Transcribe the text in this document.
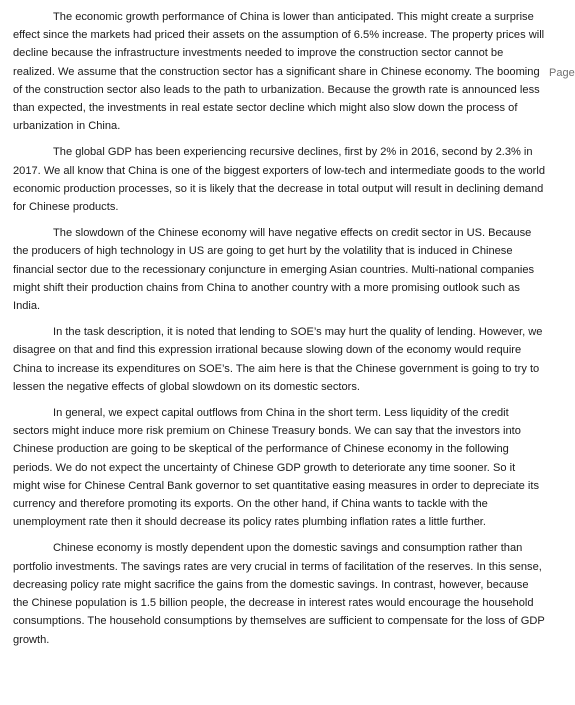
The economic growth performance of China is lower than anticipated. This might create a surprise effect since the markets had priced their assets on the assumption of 6.5% increase. The property prices will decline because the infrastructure investments needed to improve the construction sector cannot be realized. We assume that the construction sector has a significant share in Chinese economy. The booming of the construction sector also leads to the path to urbanization. Because the growth rate is announced less than expected, the investments in real estate sector decline which might also slow down the process of urbanization in China.

The global GDP has been experiencing recursive declines, first by 2% in 2016, second by 2.3% in 2017. We all know that China is one of the biggest exporters of low-tech and intermediate goods to the world economic production processes, so it is likely that the decrease in total output will result in declining demand for Chinese products.

The slowdown of the Chinese economy will have negative effects on credit sector in US. Because the producers of high technology in US are going to get hurt by the volatility that is induced in Chinese financial sector due to the recessionary conjuncture in emerging Asian countries. Multi-national companies might shift their production chains from China to another country with a more promising outlook such as India.

In the task description, it is noted that lending to SOE’s may hurt the quality of lending. However, we disagree on that and find this expression irrational because slowing down of the economy would require China to increase its expenditures on SOE’s. The aim here is that the Chinese government is going to try to lessen the negative effects of global slowdown on its domestic sectors.

In general, we expect capital outflows from China in the short term. Less liquidity of the credit sectors might induce more risk premium on Chinese Treasury bonds. We can say that the investors into Chinese production are going to be skeptical of the performance of Chinese economy in the following periods. We do not expect the uncertainty of Chinese GDP growth to deteriorate any time sooner. So it might wise for Chinese Central Bank governor to set quantitative easing measures in order to depreciate its currency and therefore promoting its exports. On the other hand, if China wants to tackle with the unemployment rate then it should decrease its policy rates plumbing inflation rates a little further.

Chinese economy is mostly dependent upon the domestic savings and consumption rather than portfolio investments. The savings rates are very crucial in terms of facilitation of the reserves. In this sense, decreasing policy rate might sacrifice the gains from the domestic savings. In contrast, however, because the Chinese population is 1.5 billion people, the decrease in interest rates would encourage the household consumptions. The household consumptions by themselves are sufficient to compensate for the loss of GDP growth.

Page
